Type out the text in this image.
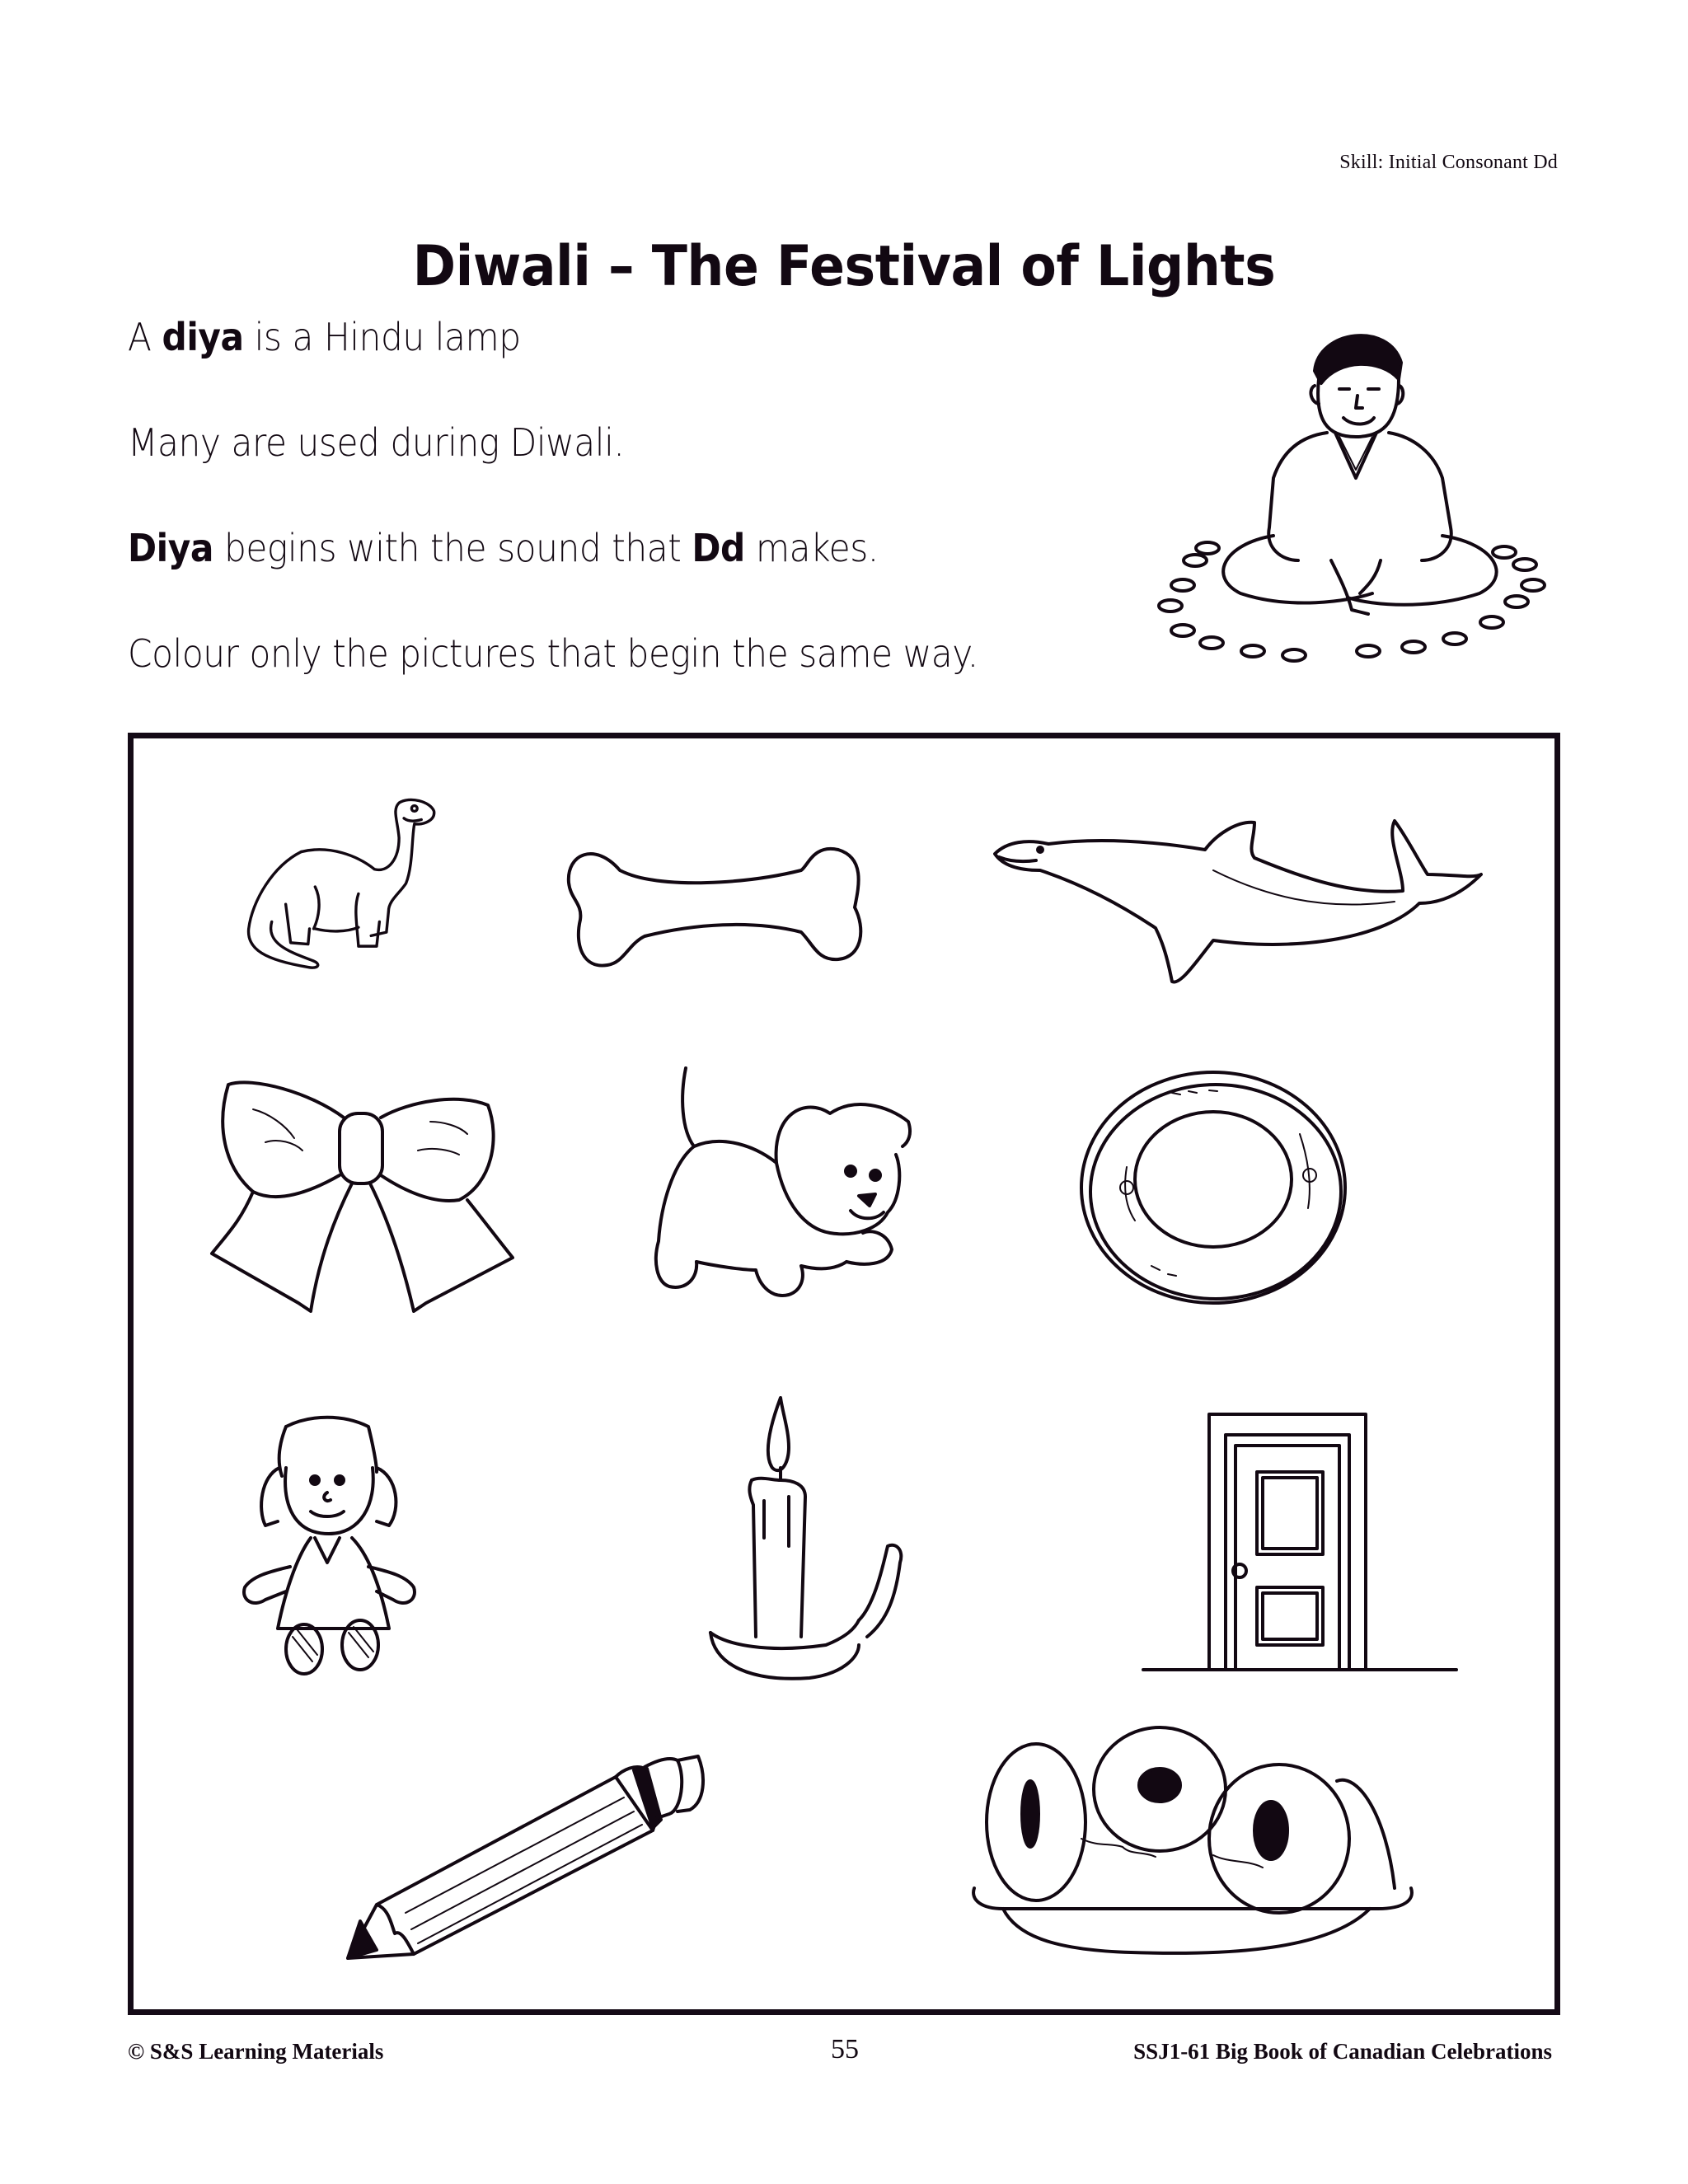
Skill: Initial Consonant Dd
Diwali – The Festival of Lights
A diya is a Hindu lamp
Many are used during Diwali.
Diya begins with the sound that Dd makes.
Colour only the pictures that begin the same way.
© S&S Learning Materials	55	SSJ1-61 Big Book of Canadian Celebrations
